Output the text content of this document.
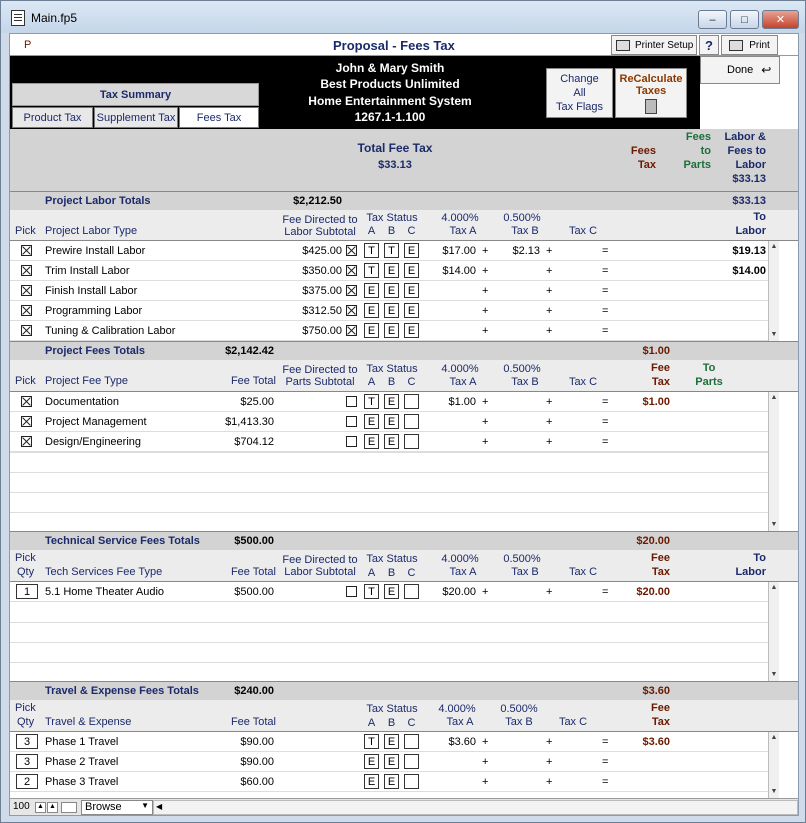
Main.fp5	–	□	✕
P	Proposal - Fees Tax	Printer Setup ?	Print
Done ↩
John & Mary Smith
Best Products Unlimited
Home Entertainment System
1267.1-1.100
Tax Summary
Product Tax	Supplement Tax	Fees Tax
Change
All
Tax Flags
ReCalculate
Taxes
Total Fee Tax
$33.13
Fees
Tax
Fees
to
Parts
Labor &
Fees to
Labor
$33.13
Project Labor Totals	$2,212.50	$33.13
Pick Project Labor Type
Fee Directed to
Labor Subtotal
Tax Status
A	B	C
4.000%
Tax A
0.500%
Tax B	Tax C
To
Labor
Prewire Install Labor	$425.00	T	T	E	$17.00 +	$2.13 +	=	$19.13
Trim Install Labor	$350.00	T	E	E	$14.00 +	+	=	$14.00
Finish Install Labor	$375.00	E	E	E	+	+	=
Programming Labor	$312.50	E	E	E	+	+	=
Tuning & Calibration Labor	$750.00	E	E	E	+	+	=
▲
▼
Project Fees Totals	$2,142.42	$1.00
Pick Project Fee Type	Fee Total
Fee Directed to
Parts Subtotal
Tax Status
A	B	C
4.000%
Tax A
0.500%
Tax B	Tax C
Fee
Tax
To
Parts
Documentation	$25.00	T	E	$1.00 +	+	=	$1.00
Project Management	$1,413.30	E	E	+	+	=
Design/Engineering	$704.12	E	E	+	+	=
▲
▼
Technical Service Fees Totals	$500.00	$20.00
Pick
Qty Tech Services Fee Type	Fee Total
Fee Directed to
Labor Subtotal
Tax Status
A	B	C
4.000%
Tax A
0.500%
Tax B	Tax C
Fee
Tax
To
Labor
1	5.1 Home Theater Audio	$500.00	T	E	$20.00 +	+	=	$20.00	▲
▼
Travel & Expense Fees Totals	$240.00	$3.60
Pick
Qty Travel & Expense	Fee Total
Tax Status
A	B	C
4.000%
Tax A
0.500%
Tax B	Tax C
Fee
Tax
3	Phase 1 Travel	$90.00	T	E	$3.60 +	+	=	$3.60
3	Phase 2 Travel	$90.00	E	E	+	+	=
2	Phase 3 Travel	$60.00	E	E	+	+	=
▲
▼
100 ▲ ▲	Browse ▼ ◀
